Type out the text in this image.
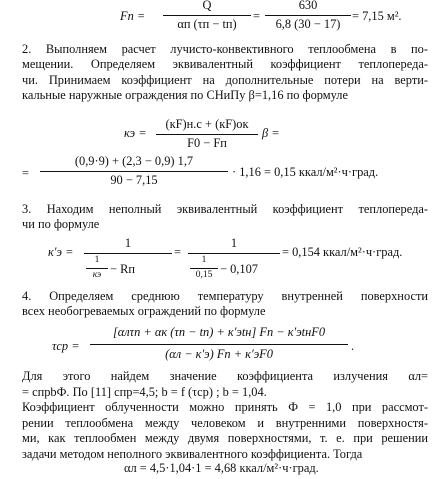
Fп =
Q
αп (τп − tп)
=
630
6,8 (30 − 17)
= 7,15 м².
2. Выполняем расчет лучисто-конвективного теплообмена в по-
мещении. Определяем эквивалентный коэффициент теплопереда-
чи. Принимаем коэффициент на дополнительные потери на верти-
кальные наружные ограждения по СНиПу β=1,16 по формуле
кэ =
(кF)н.с + (кF)ок
F0 − Fп
β =
=
(0,9·9) + (2,3 − 0,9) 1,7
90 − 7,15
· 1,16 = 0,15 ккал/м²·ч·град.
3. Находим неполный эквивалентный коэффициент теплопереда-
чи по формуле
к′э =
1
1
кэ − Rп
=
1
1
0,15 − 0,107
= 0,154 ккал/м²·ч·град.
4. Определяем среднюю температуру внутренней поверхности
всех необогреваемых ограждений по формуле
τср =
[αлτп + αк (τп − tп) + к′эtн] Fп − к′эtнF0
(αл − к′э) Fп + к′эF0
.
Для этого найдем значение коэффициента излучения αл=
= cпрbФ. По [11] cпр=4,5; b = f (τср) ; b = 1,04.
Коэффициент облученности можно принять Ф = 1,0 при рассмот-
рении теплообмена между человеком и внутренними поверхностя-
ми, как теплообмен между двумя поверхностями, т. е. при решении
задачи методом неполного эквивалентного коэффициента. Тогда
αл = 4,5·1,04·1 = 4,68 ккал/м²·ч·град.
